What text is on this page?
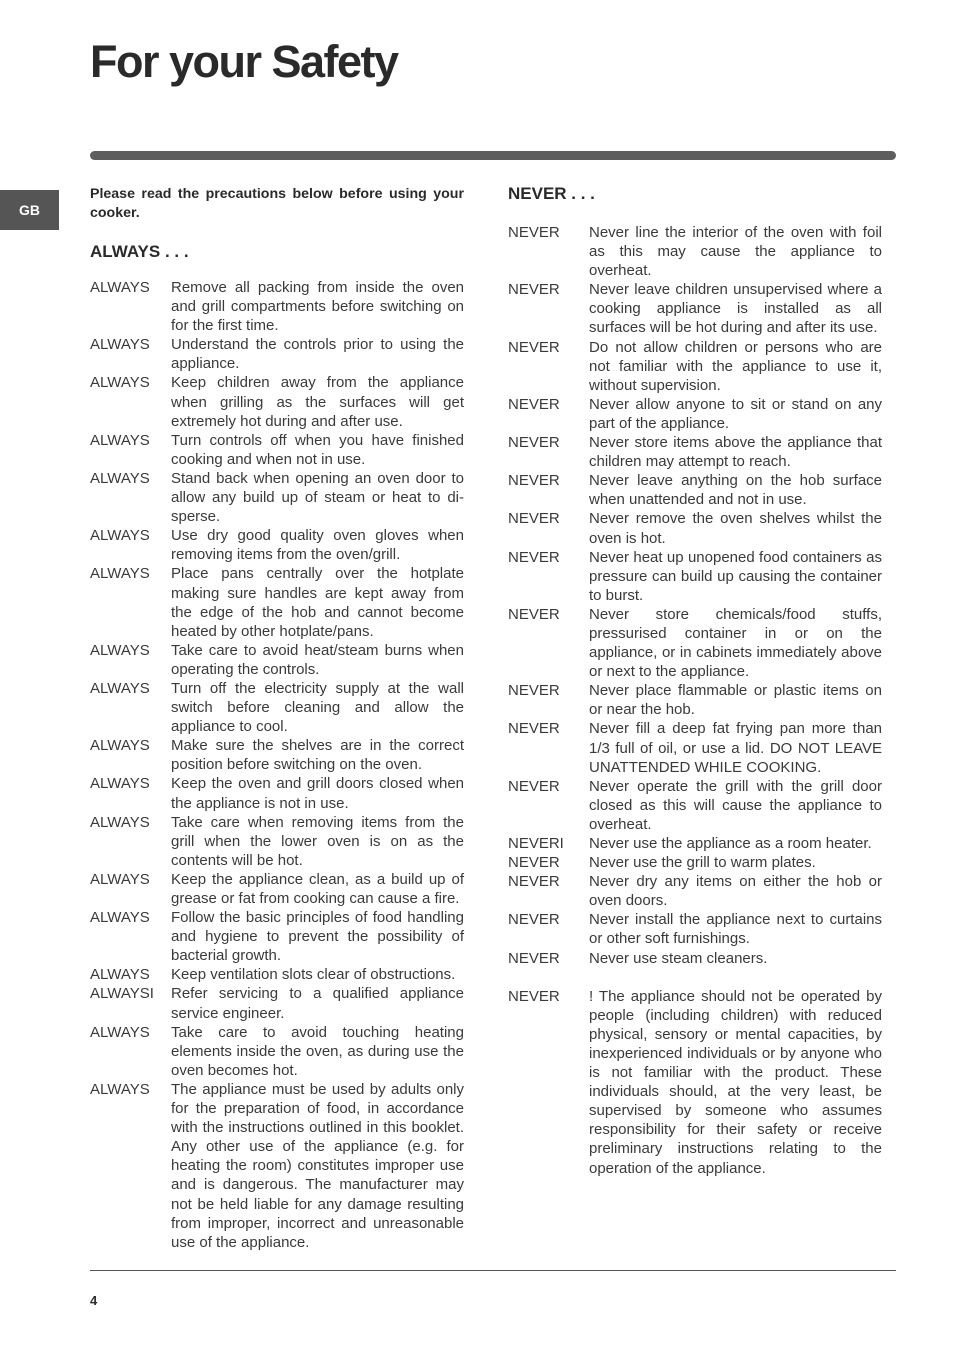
For your Safety
GB

Please read the precautions below before using your cooker.

ALWAYS . . .
ALWAYS	Remove all packing from inside the oven and grill compartments before switching on for the first time.
ALWAYS	Understand the controls prior to using the appliance.
ALWAYS	Keep children away from the appliance when grilling as the surfaces will get extremely hot during and after use.
ALWAYS	Turn controls off when you have finished cooking and when not in use.
ALWAYS	Stand back when opening an oven door to allow any build up of steam or heat to di-sperse.
ALWAYS	Use dry good quality oven gloves when removing items from the oven/grill.
ALWAYS	Place pans centrally over the hotplate making sure handles are kept away from the edge of the hob and cannot become heated by other hotplate/pans.
ALWAYS	Take care to avoid heat/steam burns when operating the controls.
ALWAYS	Turn off the electricity supply at the wall switch before cleaning and allow the appliance to cool.
ALWAYS	Make sure the shelves are in the correct position before switching on the oven.
ALWAYS	Keep the oven and grill doors closed when the appliance is not in use.
ALWAYS	Take care when removing items from the grill when the lower oven is on as the contents will be hot.
ALWAYS	Keep the appliance clean, as a build up of grease or fat from cooking can cause a fire.
ALWAYS	Follow the basic principles of food handling and hygiene to prevent the possibility of bacterial growth.
ALWAYS	Keep ventilation slots clear of obstructions.
ALWAYSI	Refer servicing to a qualified appliance service engineer.
ALWAYS	Take care to avoid touching heating elements inside the oven, as during use the oven becomes hot.
ALWAYS	The appliance must be used by adults only for the preparation of food, in accordance with the instructions outlined in this booklet. Any other use of the appliance (e.g. for heating the room) constitutes improper use and is dangerous. The manufacturer may not be held liable for any damage resulting from improper, incorrect and unreasonable use of the appliance.
NEVER . . .
NEVER	Never line the interior of the oven with foil as this may cause the appliance to overheat.
NEVER	Never leave children unsupervised where a cooking appliance is installed as all surfaces will be hot during and after its use.
NEVER	Do not allow children or persons who are not familiar with the appliance to use it, without supervision.
NEVER	Never allow anyone to sit or stand on any part of the appliance.
NEVER	Never store items above the appliance that children may attempt to reach.
NEVER	Never leave anything on the hob surface when unattended and not in use.
NEVER	Never remove the oven shelves whilst the oven is hot.
NEVER	Never heat up unopened food containers as pressure can build up causing the container to burst.
NEVER	Never store chemicals/food stuffs, pressurised container in or on the appliance, or in cabinets immediately above or next to the appliance.
NEVER	Never place flammable or plastic items on or near the hob.
NEVER	Never fill a deep fat frying pan more than 1/3 full of oil, or use a lid. DO NOT LEAVE UNATTENDED WHILE COOKING.
NEVER	Never operate the grill with the grill door closed as this will cause the appliance to overheat.
NEVERI	Never use the appliance as a room heater.
NEVER	Never use the grill to warm plates.
NEVER	Never dry any items on either the hob or oven doors.
NEVER	Never install the appliance next to curtains or other soft furnishings.
NEVER	Never use steam cleaners.
NEVER	! The appliance should not be operated by people (including children) with reduced physical, sensory or mental capacities, by inexperienced individuals or by anyone who is not familiar with the product. These individuals should, at the very least, be supervised by someone who assumes responsibility for their safety or receive preliminary instructions relating to the operation of the appliance.
4
